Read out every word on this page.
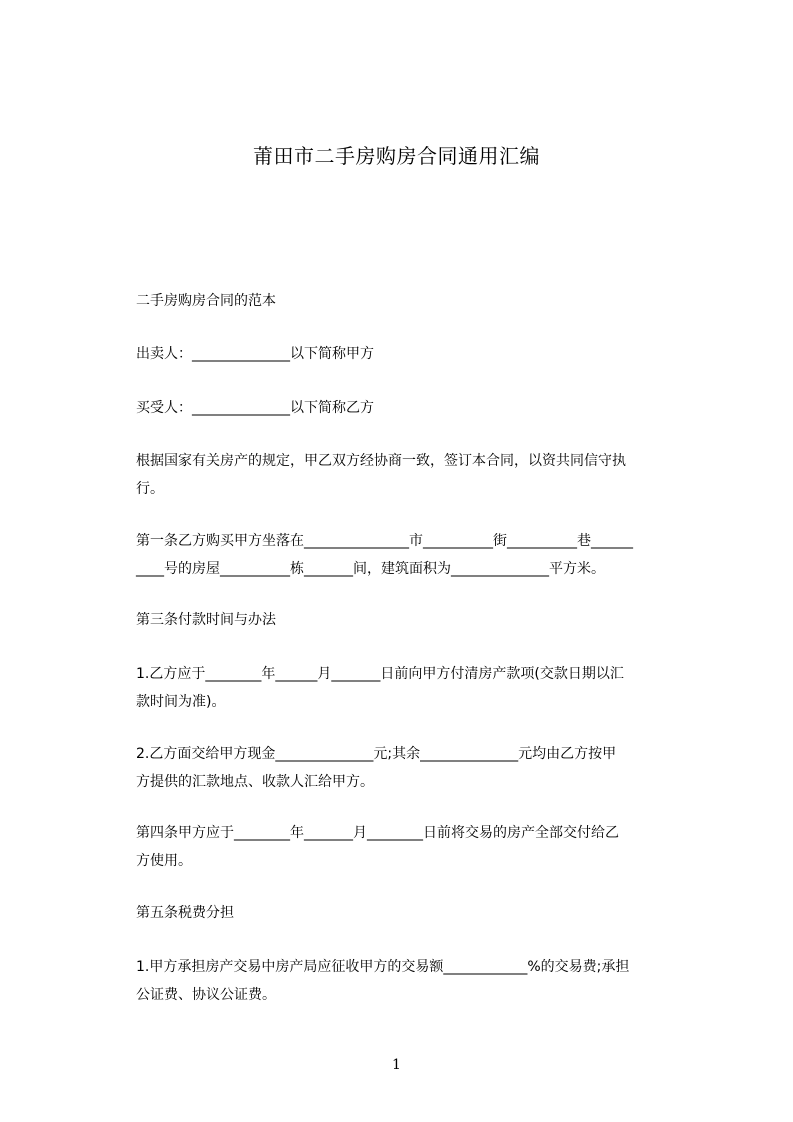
莆田市二手房购房合同通用汇编
二手房购房合同的范本
出卖人：______________以下简称甲方
买受人：______________以下简称乙方
根据国家有关房产的规定，甲乙双方经协商一致，签订本合同，以资共同信守执
行。
第一条乙方购买甲方坐落在_______________市__________街__________巷______
____号的房屋__________栋_______间，建筑面积为______________平方米。
第三条付款时间与办法
1.乙方应于________年______月_______日前向甲方付清房产款项(交款日期以汇
款时间为准)。
2.乙方面交给甲方现金______________元;其余______________元均由乙方按甲
方提供的汇款地点、收款人汇给甲方。
第四条甲方应于________年_______月________日前将交易的房产全部交付给乙
方使用。
第五条税费分担
1.甲方承担房产交易中房产局应征收甲方的交易额____________%的交易费;承担
公证费、协议公证费。
1
